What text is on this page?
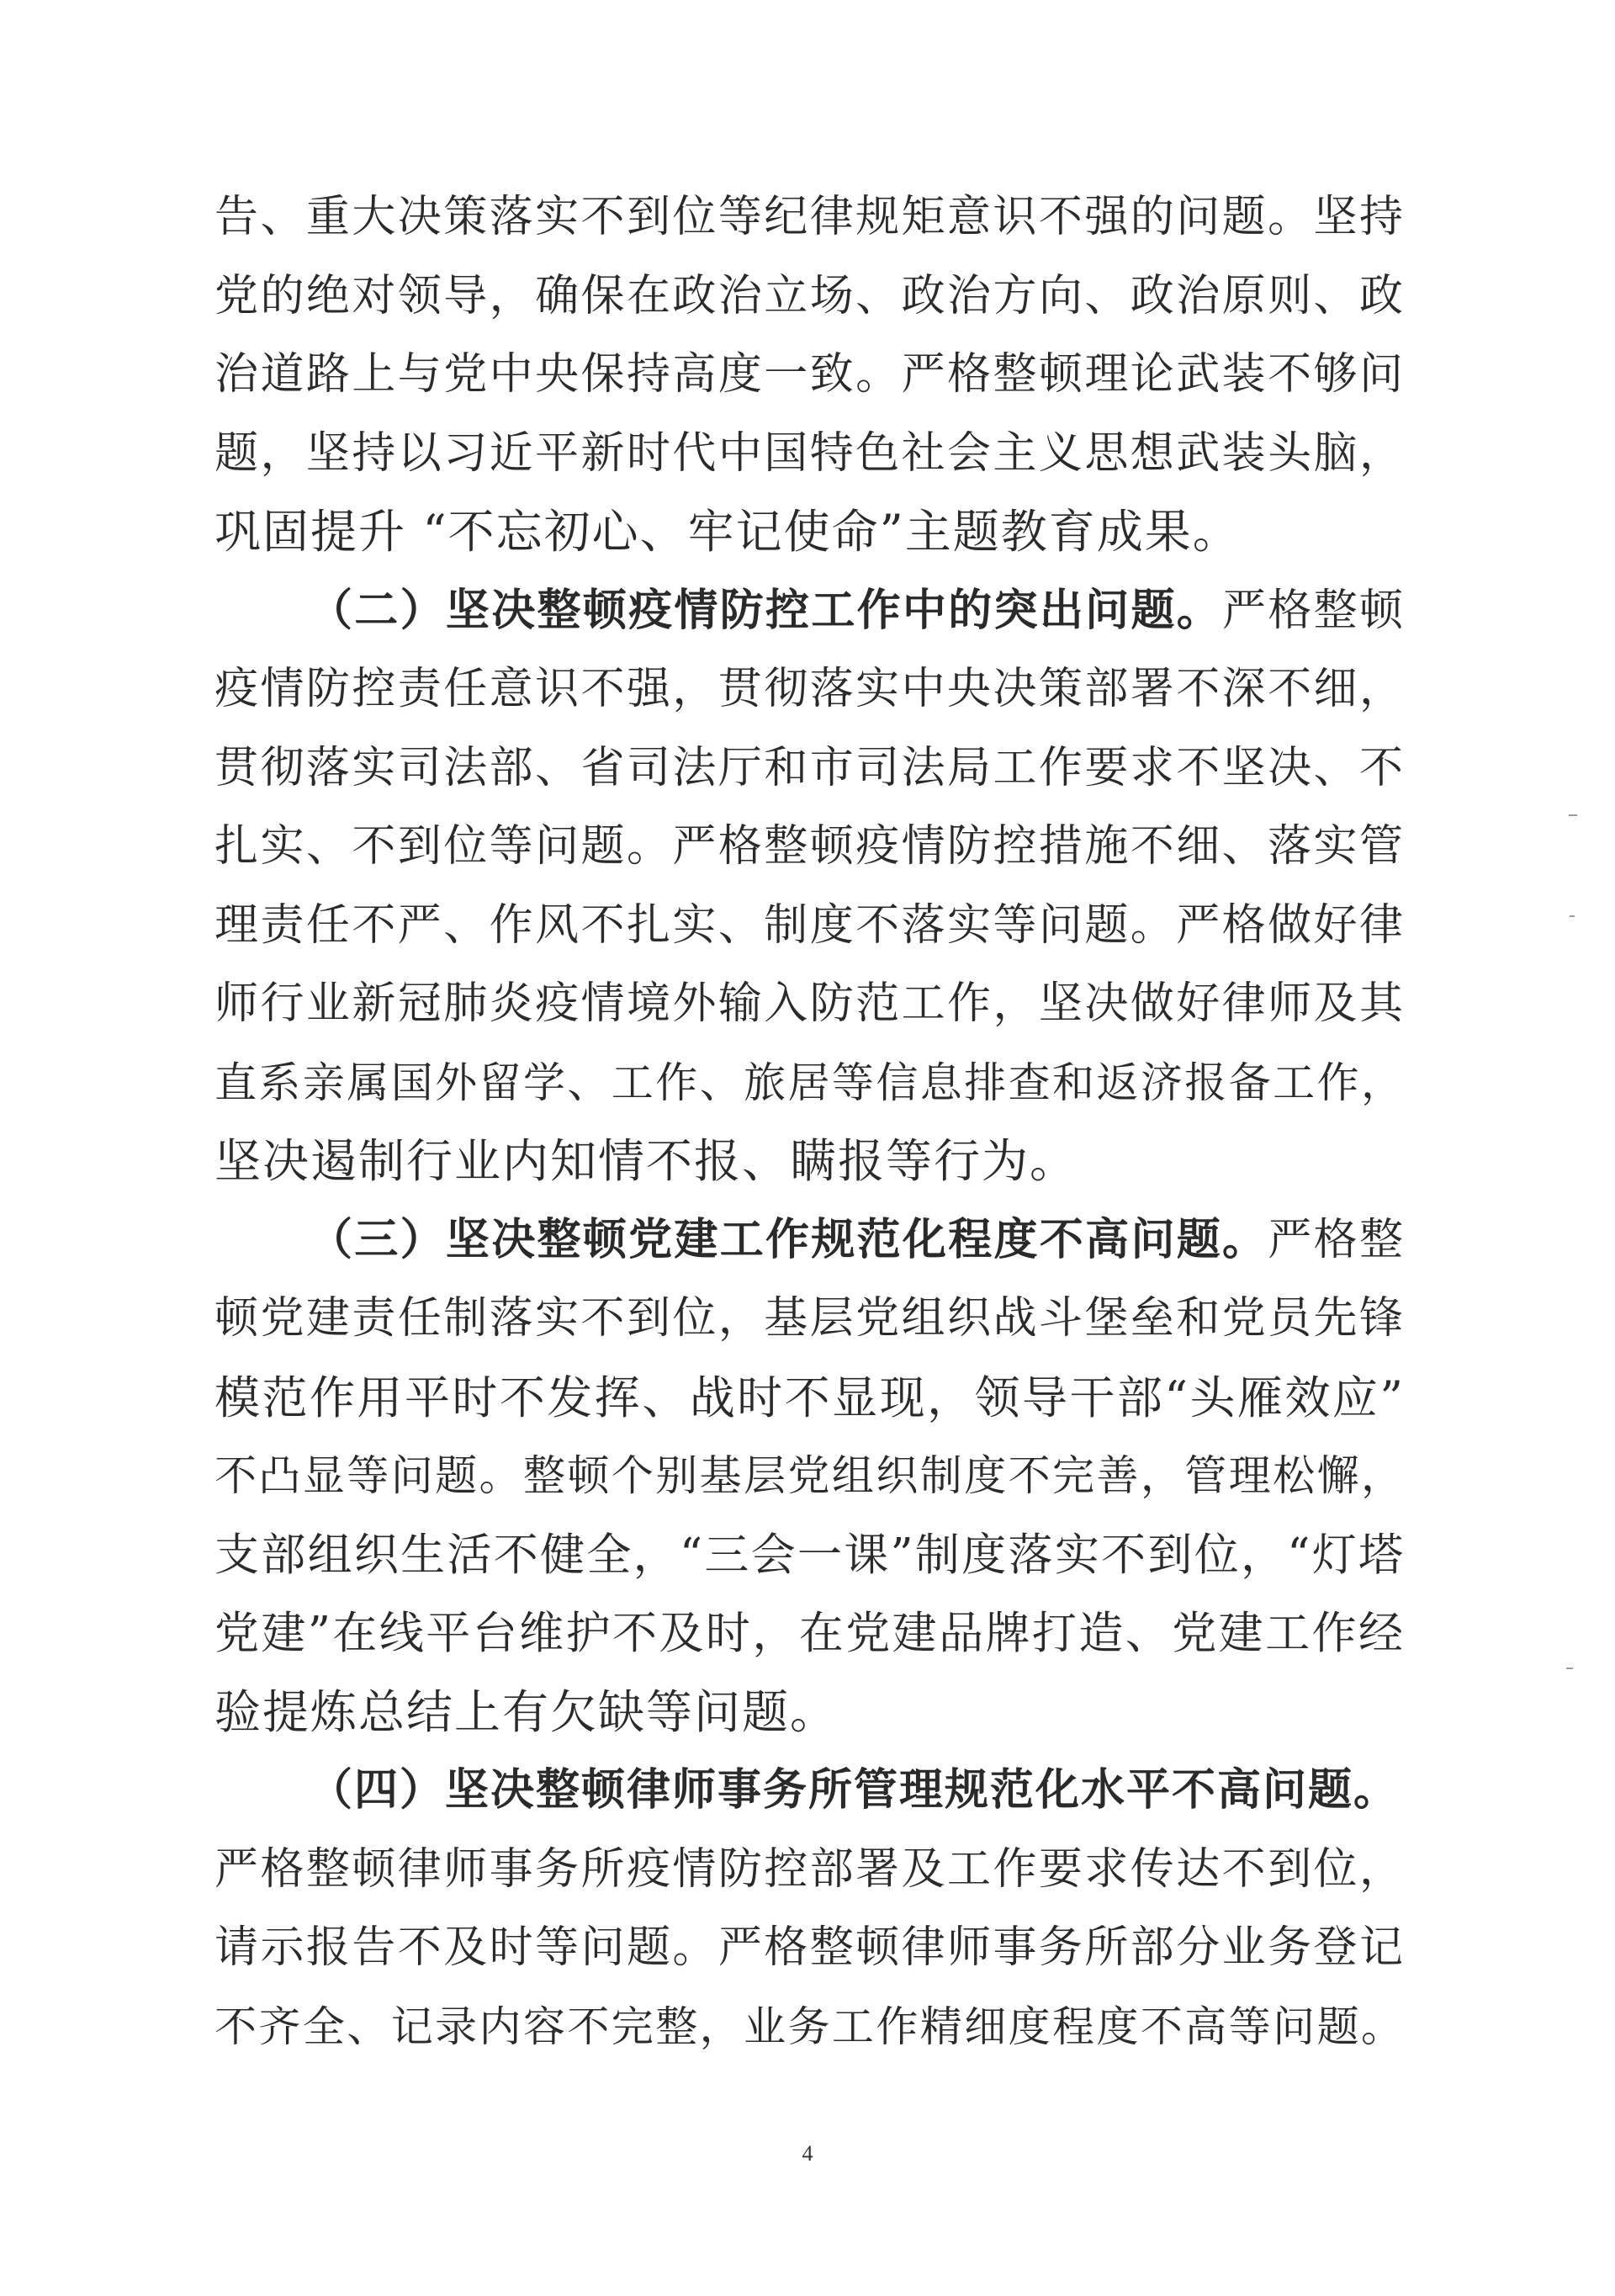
告、重大决策落实不到位等纪律规矩意识不强的问题。坚持
党的绝对领导，确保在政治立场、政治方向、政治原则、政
治道路上与党中央保持高度一致。严格整顿理论武装不够问
题，坚持以习近平新时代中国特色社会主义思想武装头脑，
巩固提升 “不忘初心、牢记使命”主题教育成果。
（二）坚决整顿疫情防控工作中的突出问题。严格整顿
疫情防控责任意识不强，贯彻落实中央决策部署不深不细，
贯彻落实司法部、省司法厅和市司法局工作要求不坚决、不
扎实、不到位等问题。严格整顿疫情防控措施不细、落实管
理责任不严、作风不扎实、制度不落实等问题。严格做好律
师行业新冠肺炎疫情境外输入防范工作，坚决做好律师及其
直系亲属国外留学、工作、旅居等信息排查和返济报备工作，
坚决遏制行业内知情不报、瞒报等行为。
（三）坚决整顿党建工作规范化程度不高问题。严格整
顿党建责任制落实不到位，基层党组织战斗堡垒和党员先锋
模范作用平时不发挥、战时不显现，领导干部“头雁效应”
不凸显等问题。整顿个别基层党组织制度不完善，管理松懈，
支部组织生活不健全，“三会一课”制度落实不到位，“灯塔
党建”在线平台维护不及时，在党建品牌打造、党建工作经
验提炼总结上有欠缺等问题。
（四）坚决整顿律师事务所管理规范化水平不高问题。
严格整顿律师事务所疫情防控部署及工作要求传达不到位，
请示报告不及时等问题。严格整顿律师事务所部分业务登记
不齐全、记录内容不完整，业务工作精细度程度不高等问题。
4
